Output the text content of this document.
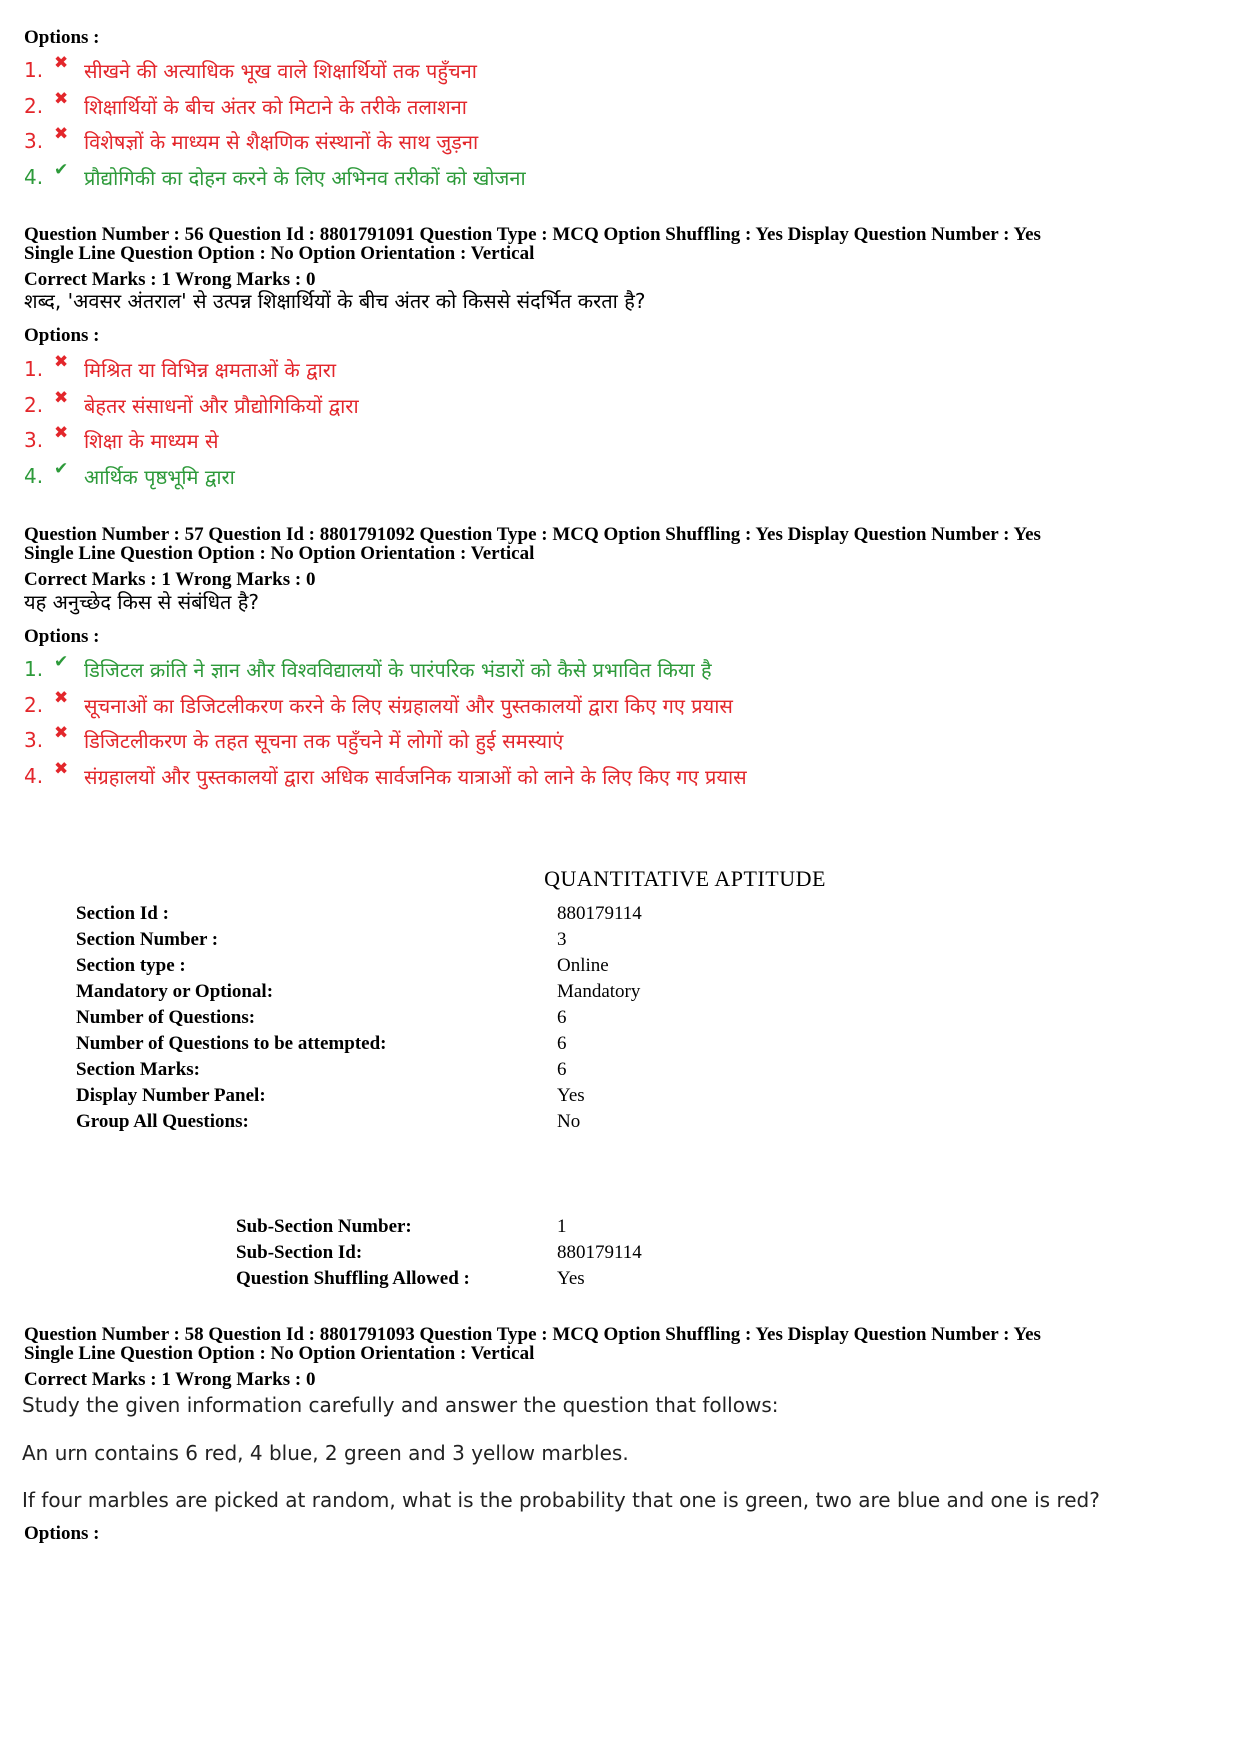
Options :
1. ✖ सीखने की अत्याधिक भूख वाले शिक्षार्थियों तक पहुँचना
2. ✖ शिक्षार्थियों के बीच अंतर को मिटाने के तरीके तलाशना
3. ✖ विशेषज्ञों के माध्यम से शैक्षणिक संस्थानों के साथ जुड़ना
4. ✔ प्रौद्योगिकी का दोहन करने के लिए अभिनव तरीकों को खोजना
Question Number : 56 Question Id : 8801791091 Question Type : MCQ Option Shuffling : Yes Display Question Number : Yes
Single Line Question Option : No Option Orientation : Vertical
Correct Marks : 1 Wrong Marks : 0
शब्द, 'अवसर अंतराल' से उत्पन्न शिक्षार्थियों के बीच अंतर को किससे संदर्भित करता है?
Options :
1. ✖ मिश्रित या विभिन्न क्षमताओं के द्वारा
2. ✖ बेहतर संसाधनों और प्रौद्योगिकियों द्वारा
3. ✖ शिक्षा के माध्यम से
4. ✔ आर्थिक पृष्ठभूमि द्वारा
Question Number : 57 Question Id : 8801791092 Question Type : MCQ Option Shuffling : Yes Display Question Number : Yes
Single Line Question Option : No Option Orientation : Vertical
Correct Marks : 1 Wrong Marks : 0
यह अनुच्छेद किस से संबंधित है?
Options :
1. ✔ डिजिटल क्रांति ने ज्ञान और विश्वविद्यालयों के पारंपरिक भंडारों को कैसे प्रभावित किया है
2. ✖ सूचनाओं का डिजिटलीकरण करने के लिए संग्रहालयों और पुस्तकालयों द्वारा किए गए प्रयास
3. ✖ डिजिटलीकरण के तहत सूचना तक पहुँचने में लोगों को हुई समस्याएं
4. ✖ संग्रहालयों और पुस्तकालयों द्वारा अधिक सार्वजनिक यात्राओं को लाने के लिए किए गए प्रयास
QUANTITATIVE APTITUDE
Section Id :	880179114
Section Number :	3
Section type :	Online
Mandatory or Optional:	Mandatory
Number of Questions:	6
Number of Questions to be attempted:	6
Section Marks:	6
Display Number Panel:	Yes
Group All Questions:	No
Sub-Section Number:	1
Sub-Section Id:	880179114
Question Shuffling Allowed :	Yes
Question Number : 58 Question Id : 8801791093 Question Type : MCQ Option Shuffling : Yes Display Question Number : Yes
Single Line Question Option : No Option Orientation : Vertical
Correct Marks : 1 Wrong Marks : 0
Study the given information carefully and answer the question that follows:
An urn contains 6 red, 4 blue, 2 green and 3 yellow marbles.
If four marbles are picked at random, what is the probability that one is green, two are blue and one is red?
Options :
